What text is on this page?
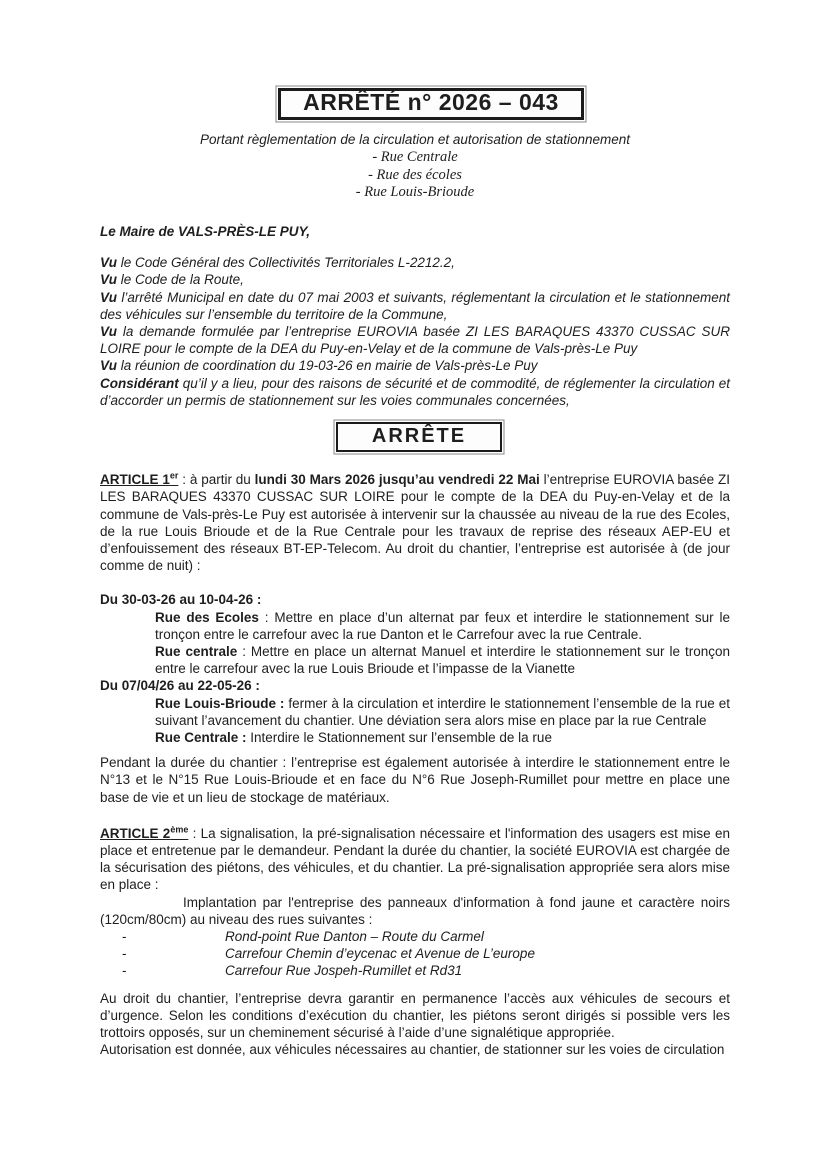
ARRÊTÉ n° 2026 – 043

Portant règlementation de la circulation et autorisation de stationnement

- Rue Centrale
- Rue des écoles
- Rue Louis-Brioude

Le Maire de VALS-PRÈS-LE PUY,

Vu le Code Général des Collectivités Territoriales L-2212.2,

Vu le Code de la Route,

Vu l’arrêté Municipal en date du 07 mai 2003 et suivants, réglementant la circulation et le stationnement des véhicules sur l’ensemble du territoire de la Commune,

Vu la demande formulée par l’entreprise EUROVIA basée ZI LES BARAQUES 43370 CUSSAC SUR LOIRE pour le compte de la DEA du Puy-en-Velay et de la commune de Vals-près-Le Puy

Vu la réunion de coordination du 19-03-26 en mairie de Vals-près-Le Puy

Considérant qu’il y a lieu, pour des raisons de sécurité et de commodité, de réglementer la circulation et d’accorder un permis de stationnement sur les voies communales concernées,

ARRÊTE

ARTICLE 1er : à partir du lundi 30 Mars 2026 jusqu’au vendredi 22 Mai l’entreprise EUROVIA basée ZI LES BARAQUES 43370 CUSSAC SUR LOIRE pour le compte de la DEA du Puy-en-Velay et de la commune de Vals-près-Le Puy est autorisée à intervenir sur la chaussée au niveau de la rue des Ecoles, de la rue Louis Brioude et de la Rue Centrale pour les travaux de reprise des réseaux AEP-EU et d’enfouissement des réseaux BT-EP-Telecom. Au droit du chantier, l’entreprise est autorisée à (de jour comme de nuit) :

Du 30-03-26 au 10-04-26 :

Rue des Ecoles : Mettre en place d’un alternat par feux et interdire le stationnement sur le tronçon entre le carrefour avec la rue Danton et le Carrefour avec la rue Centrale.

Rue centrale : Mettre en place un alternat Manuel et interdire le stationnement sur le tronçon entre le carrefour avec la rue Louis Brioude et l’impasse de la Vianette

Du 07/04/26 au 22-05-26 :

Rue Louis-Brioude : fermer à la circulation et interdire le stationnement l’ensemble de la rue et suivant l’avancement du chantier. Une déviation sera alors mise en place par la rue Centrale

Rue Centrale : Interdire le Stationnement sur l’ensemble de la rue

Pendant la durée du chantier : l’entreprise est également autorisée à interdire le stationnement entre le N°13 et le N°15 Rue Louis-Brioude et en face du N°6 Rue Joseph-Rumillet pour mettre en place une base de vie et un lieu de stockage de matériaux.

ARTICLE 2ème : La signalisation, la pré-signalisation nécessaire et l'information des usagers est mise en place et entretenue par le demandeur. Pendant la durée du chantier, la société EUROVIA est chargée de la sécurisation des piétons, des véhicules, et du chantier. La pré-signalisation appropriée sera alors mise en place :

Implantation par l'entreprise des panneaux d'information à fond jaune et caractère noirs (120cm/80cm) au niveau des rues suivantes :

-	Rond-point Rue Danton – Route du Carmel
-	Carrefour Chemin d’eycenac et Avenue de L’europe
-	Carrefour Rue Jospeh-Rumillet et Rd31

Au droit du chantier, l’entreprise devra garantir en permanence l’accès aux véhicules de secours et d’urgence. Selon les conditions d’exécution du chantier, les piétons seront dirigés si possible vers les trottoirs opposés, sur un cheminement sécurisé à l’aide d’une signalétique appropriée.

Autorisation est donnée, aux véhicules nécessaires au chantier, de stationner sur les voies de circulation
